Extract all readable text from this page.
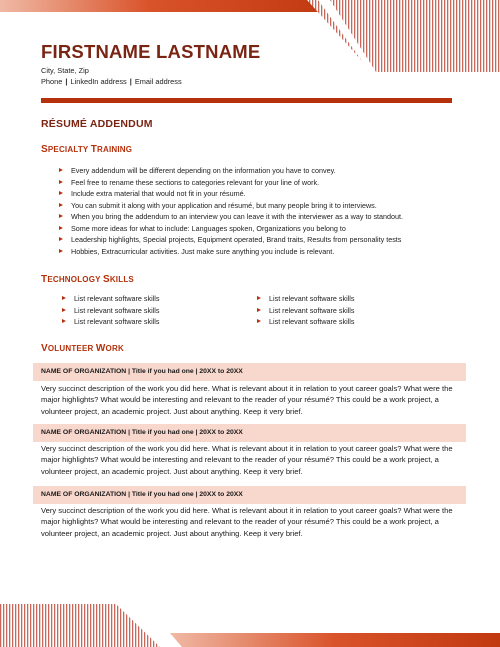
FIRSTNAME LASTNAME
City, State, Zip
Phone | LinkedIn address | Email address
RÉSUMÉ ADDENDUM
SPECIALTY TRAINING
Every addendum will be different depending on the information you have to convey.
Feel free to rename these sections to categories relevant for your line of work.
Include extra material that would not fit in your résumé.
You can submit it along with your application and résumé, but many people bring it to interviews.
When you bring the addendum to an interview you can leave it with the interviewer as a way to standout.
Some more ideas for what to include: Languages spoken, Organizations you belong to
Leadership highlights, Special projects, Equipment operated, Brand traits, Results from personality tests
Hobbies, Extracurricular activities. Just make sure anything you include is relevant.
TECHNOLOGY SKILLS
List relevant software skills
List relevant software skills
List relevant software skills
List relevant software skills
List relevant software skills
List relevant software skills
VOLUNTEER WORK
NAME OF ORGANIZATION | Title if you had one | 20XX to 20XX
Very succinct description of the work you did here. What is relevant about it in relation to yout career goals? What were the major highlights? What would be interesting and relevant to the reader of your résumé? This could be a work project, a volunteer project, an academic project. Just about anything. Keep it very brief.
NAME OF ORGANIZATION | Title if you had one | 20XX to 20XX
Very succinct description of the work you did here. What is relevant about it in relation to yout career goals? What were the major highlights? What would be interesting and relevant to the reader of your résumé? This could be a work project, a volunteer project, an academic project. Just about anything. Keep it very brief.
NAME OF ORGANIZATION | Title if you had one | 20XX to 20XX
Very succinct description of the work you did here. What is relevant about it in relation to yout career goals? What were the major highlights? What would be interesting and relevant to the reader of your résumé? This could be a work project, a volunteer project, an academic project. Just about anything. Keep it very brief.
